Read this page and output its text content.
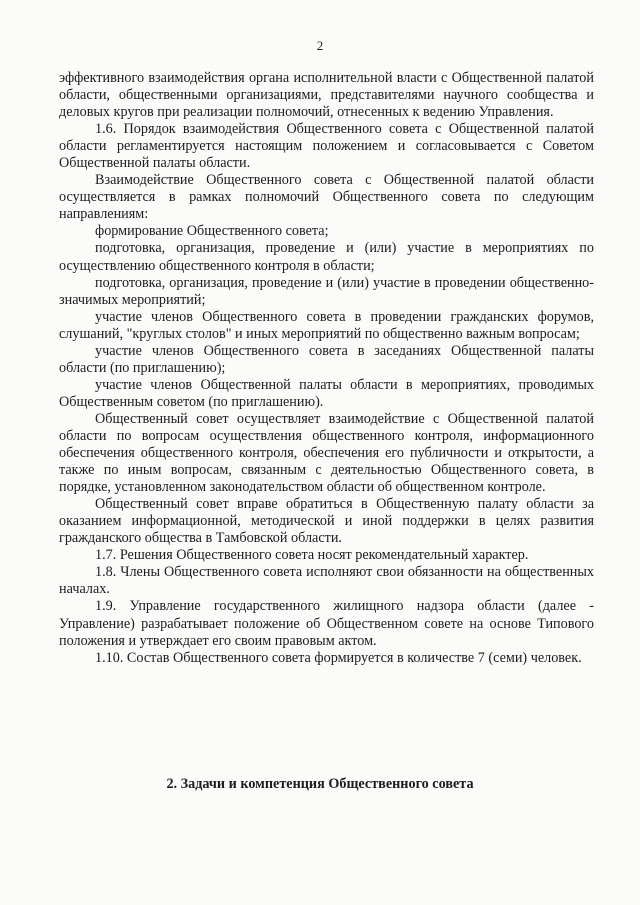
2

эффективного взаимодействия органа исполнительной власти с Общественной палатой области, общественными организациями, представителями научного сообщества и деловых кругов при реализации полномочий, отнесенных к ведению Управления.

1.6. Порядок взаимодействия Общественного совета с Общественной палатой области регламентируется настоящим положением и согласовывается с Советом Общественной палаты области.

Взаимодействие Общественного совета с Общественной палатой области осуществляется в рамках полномочий Общественного совета по следующим направлениям:

формирование Общественного совета;

подготовка, организация, проведение и (или) участие в мероприятиях по осуществлению общественного контроля в области;

подготовка, организация, проведение и (или) участие в проведении общественно-значимых мероприятий;

участие членов Общественного совета в проведении гражданских форумов, слушаний, "круглых столов" и иных мероприятий по общественно важным вопросам;

участие членов Общественного совета в заседаниях Общественной палаты области (по приглашению);

участие членов Общественной палаты области в мероприятиях, проводимых Общественным советом (по приглашению).

Общественный совет осуществляет взаимодействие с Общественной палатой области по вопросам осуществления общественного контроля, информационного обеспечения общественного контроля, обеспечения его публичности и открытости, а также по иным вопросам, связанным с деятельностью Общественного совета, в порядке, установленном законодательством области об общественном контроле.

Общественный совет вправе обратиться в Общественную палату области за оказанием информационной, методической и иной поддержки в целях развития гражданского общества в Тамбовской области.

1.7. Решения Общественного совета носят рекомендательный характер.

1.8. Члены Общественного совета исполняют свои обязанности на общественных началах.

1.9. Управление государственного жилищного надзора области (далее - Управление) разрабатывает положение об Общественном совете на основе Типового положения и утверждает его своим правовым актом.

1.10. Состав Общественного совета формируется в количестве 7 (семи) человек.

2. Задачи и компетенция Общественного совета
